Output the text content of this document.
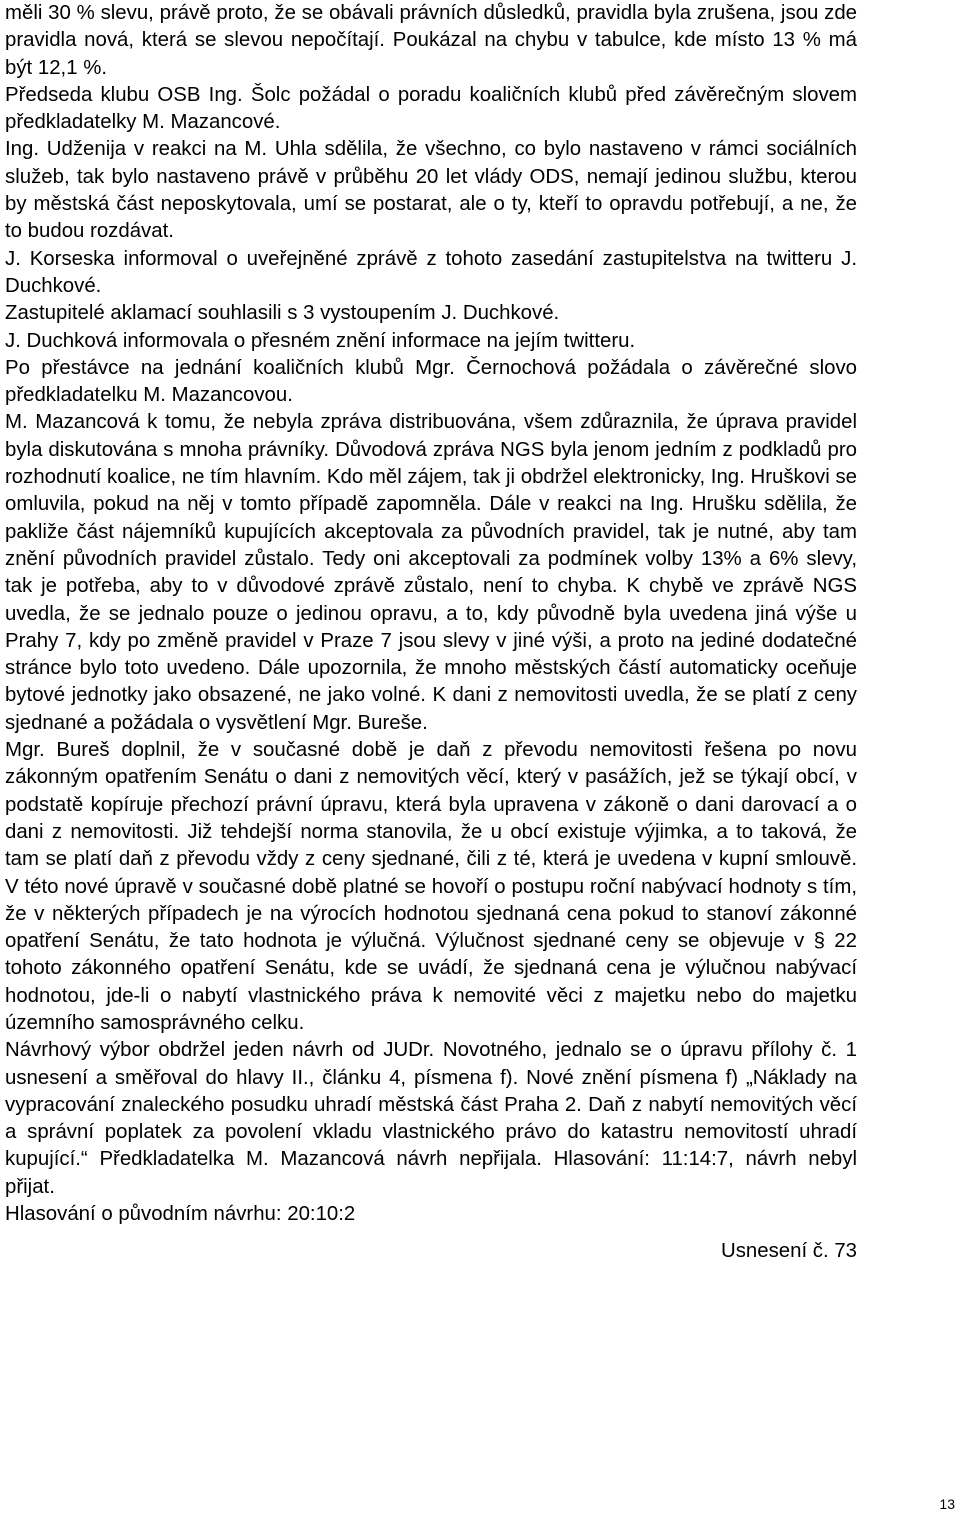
měli 30 % slevu, právě proto, že se obávali právních důsledků, pravidla byla zrušena, jsou zde pravidla nová, která se slevou nepočítají. Poukázal na chybu v tabulce, kde místo 13 % má být 12,1 %.

Předseda klubu OSB Ing. Šolc požádal o poradu koaličních klubů před závěrečným slovem předkladatelky M. Mazancové.

Ing. Udženija v reakci na M. Uhla sdělila, že všechno, co bylo nastaveno v rámci sociálních služeb, tak bylo nastaveno právě v průběhu 20 let vlády ODS, nemají jedinou službu, kterou by městská část neposkytovala, umí se postarat, ale o ty, kteří to opravdu potřebují, a ne, že to budou rozdávat.

J. Korseska informoval o uveřejněné zprávě z tohoto zasedání zastupitelstva na twitteru J. Duchkové.

Zastupitelé aklamací souhlasili s 3 vystoupením J. Duchkové.

J. Duchková informovala o přesném znění informace na jejím twitteru.

Po přestávce na jednání koaličních klubů Mgr. Černochová požádala o závěrečné slovo předkladatelku M. Mazancovou.

M. Mazancová k tomu, že nebyla zpráva distribuována, všem zdůraznila, že úprava pravidel byla diskutována s mnoha právníky. Důvodová zpráva NGS byla jenom jedním z podkladů pro rozhodnutí koalice, ne tím hlavním. Kdo měl zájem, tak ji obdržel elektronicky, Ing. Hruškovi se omluvila, pokud na něj v tomto případě zapomněla. Dále v reakci na Ing. Hrušku sdělila, že pakliže část nájemníků kupujících akceptovala za původních pravidel, tak je nutné, aby tam znění původních pravidel zůstalo. Tedy oni akceptovali za podmínek volby 13% a 6% slevy, tak je potřeba, aby to v důvodové zprávě zůstalo, není to chyba. K chybě ve zprávě NGS uvedla, že se jednalo pouze o jedinou opravu, a to, kdy původně byla uvedena jiná výše u Prahy 7, kdy po změně pravidel v Praze 7 jsou slevy v jiné výši, a proto na jediné dodatečné stránce bylo toto uvedeno. Dále upozornila, že mnoho městských částí automaticky oceňuje bytové jednotky jako obsazené, ne jako volné. K dani z nemovitosti uvedla, že se platí z ceny sjednané a požádala o vysvětlení Mgr. Bureše.

Mgr. Bureš doplnil, že v současné době je daň z převodu nemovitosti řešena po novu zákonným opatřením Senátu o dani z nemovitých věcí, který v pasážích, jež se týkají obcí, v podstatě kopíruje přechozí právní úpravu, která byla upravena v zákoně o dani darovací a o dani z nemovitosti. Již tehdejší norma stanovila, že u obcí existuje výjimka, a to taková, že tam se platí daň z převodu vždy z ceny sjednané, čili z té, která je uvedena v kupní smlouvě. V této nové úpravě v současné době platné se hovoří o postupu roční nabývací hodnoty s tím, že v některých případech je na výrocích hodnotou sjednaná cena pokud to stanoví zákonné opatření Senátu, že tato hodnota je výlučná. Výlučnost sjednané ceny se objevuje v § 22 tohoto zákonného opatření Senátu, kde se uvádí, že sjednaná cena je výlučnou nabývací hodnotou, jde-li o nabytí vlastnického práva k nemovité věci z majetku nebo do majetku územního samosprávného celku.

Návrhový výbor obdržel jeden návrh od JUDr. Novotného, jednalo se o úpravu přílohy č. 1 usnesení a směřoval do hlavy II., článku 4, písmena f). Nové znění písmena f) „Náklady na vypracování znaleckého posudku uhradí městská část Praha 2. Daň z nabytí nemovitých věcí a správní poplatek za povolení vkladu vlastnického právo do katastru nemovitostí uhradí kupující.“ Předkladatelka M. Mazancová návrh nepřijala. Hlasování: 11:14:7, návrh nebyl přijat.

Hlasování o původním návrhu: 20:10:2

Usnesení č. 73

13
